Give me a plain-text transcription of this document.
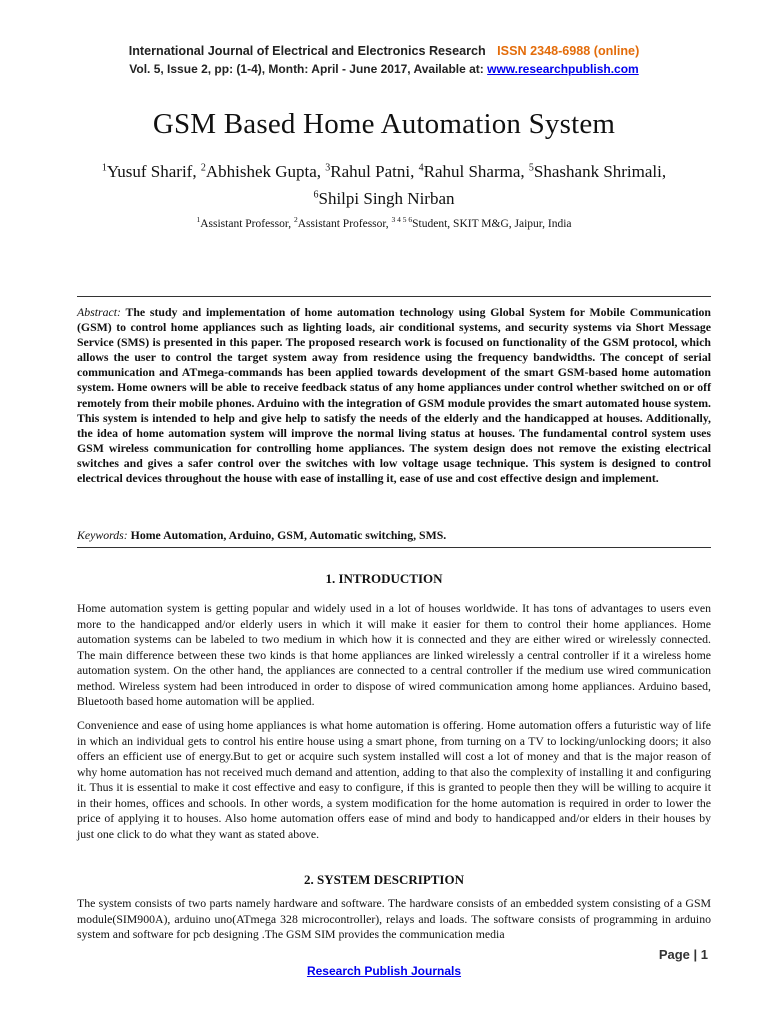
International Journal of Electrical and Electronics Research ISSN 2348-6988 (online)
Vol. 5, Issue 2, pp: (1-4), Month: April - June 2017, Available at: www.researchpublish.com
GSM Based Home Automation System
$^1$Yusuf Sharif, $^2$Abhishek Gupta, $^3$Rahul Patni, $^4$Rahul Sharma, $^5$Shashank Shrimali,
$^6$Shilpi Singh Nirban
$^1$Assistant Professor, $^2$Assistant Professor, $^{3 4 5 6}$Student, SKIT M&G, Jaipur, India
Abstract: The study and implementation of home automation technology using Global System for Mobile Communication (GSM) to control home appliances such as lighting loads, air conditional systems, and security systems via Short Message Service (SMS) is presented in this paper. The proposed research work is focused on functionality of the GSM protocol, which allows the user to control the target system away from residence using the frequency bandwidths. The concept of serial communication and ATmega-commands has been applied towards development of the smart GSM-based home automation system. Home owners will be able to receive feedback status of any home appliances under control whether switched on or off remotely from their mobile phones. Arduino with the integration of GSM module provides the smart automated house system. This system is intended to help and give help to satisfy the needs of the elderly and the handicapped at houses. Additionally, the idea of home automation system will improve the normal living status at houses. The fundamental control system uses GSM wireless communication for controlling home appliances. The system design does not remove the existing electrical switches and gives a safer control over the switches with low voltage usage technique. This system is designed to control electrical devices throughout the house with ease of installing it, ease of use and cost effective design and implement.
Keywords: Home Automation, Arduino, GSM, Automatic switching, SMS.
1. INTRODUCTION
Home automation system is getting popular and widely used in a lot of houses worldwide. It has tons of advantages to users even more to the handicapped and/or elderly users in which it will make it easier for them to control their home appliances. Home automation systems can be labeled to two medium in which how it is connected and they are either wired or wirelessly connected. The main difference between these two kinds is that home appliances are linked wirelessly a central controller if it a wireless home automation system. On the other hand, the appliances are connected to a central controller if the medium use wired communication method. Wireless system had been introduced in order to dispose of wired communication among home appliances. Arduino based, Bluetooth based home automation will be applied.
Convenience and ease of using home appliances is what home automation is offering. Home automation offers a futuristic way of life in which an individual gets to control his entire house using a smart phone, from turning on a TV to locking/unlocking doors; it also offers an efficient use of energy.But to get or acquire such system installed will cost a lot of money and that is the major reason of why home automation has not received much demand and attention, adding to that also the complexity of installing it and configuring it. Thus it is essential to make it cost effective and easy to configure, if this is granted to people then they will be willing to acquire it in their homes, offices and schools. In other words, a system modification for the home automation is required in order to lower the price of applying it to houses. Also home automation offers ease of mind and body to handicapped and/or elders in their houses by just one click to do what they want as stated above.
2. SYSTEM DESCRIPTION
The system consists of two parts namely hardware and software. The hardware consists of an embedded system consisting of a GSM module(SIM900A), arduino uno(ATmega 328 microcontroller), relays and loads. The software consists of programming in arduino system and software for pcb designing .The GSM SIM provides the communication media
Page | 1
Research Publish Journals
